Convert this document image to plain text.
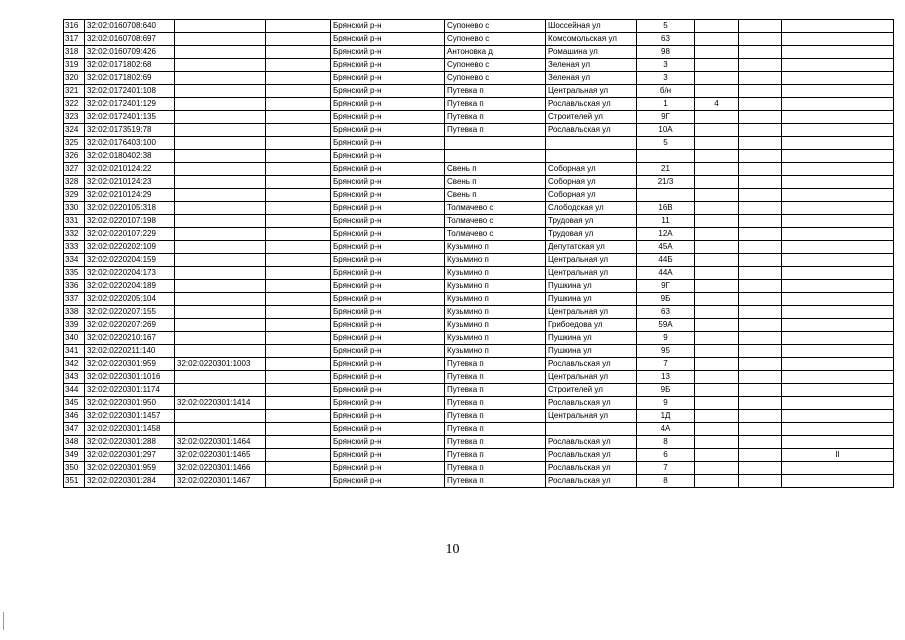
316	32:02:0160708:640			Брянский р-н	Супонево с	Шоссейная ул	5			
317	32:02:0160708:697			Брянский р-н	Супонево с	Комсомольская ул	63			
318	32:02:0160709:426			Брянский р-н	Антоновка д	Ромашина ул	98			
319	32:02:0171802:68			Брянский р-н	Супонево с	Зеленая ул	3			
320	32:02:0171802:69			Брянский р-н	Супонево с	Зеленая ул	3			
321	32:02:0172401:108			Брянский р-н	Путевка п	Центральная ул	б/н			
322	32:02:0172401:129			Брянский р-н	Путевка п	Рославльская ул	1	4		
323	32:02:0172401:135			Брянский р-н	Путевка п	Строителей ул	9Г			
324	32:02:0173519:78			Брянский р-н	Путевка п	Рославльская ул	10А			
325	32:02:0176403:100			Брянский р-н			5			
326	32:02:0180402:38			Брянский р-н						
327	32:02:0210124:22			Брянский р-н	Свень п	Соборная ул	21			
328	32:02:0210124:23			Брянский р-н	Свень п	Соборная ул	21/3			
329	32:02:0210124:29			Брянский р-н	Свень п	Соборная ул				
330	32:02:0220105:318			Брянский р-н	Толмачево с	Слободская ул	16В			
331	32:02:0220107:198			Брянский р-н	Толмачево с	Трудовая ул	11			
332	32:02:0220107:229			Брянский р-н	Толмачево с	Трудовая ул	12А			
333	32:02:0220202:109			Брянский р-н	Кузьмино п	Депутатская ул	45А			
334	32:02:0220204:159			Брянский р-н	Кузьмино п	Центральная ул	44Б			
335	32:02:0220204:173			Брянский р-н	Кузьмино п	Центральная ул	44А			
336	32:02:0220204:189			Брянский р-н	Кузьмино п	Пушкина ул	9Г			
337	32:02:0220205:104			Брянский р-н	Кузьмино п	Пушкина ул	9Б			
338	32:02:0220207:155			Брянский р-н	Кузьмино п	Центральная ул	63			
339	32:02:0220207:269			Брянский р-н	Кузьмино п	Грибоедова ул	59А			
340	32:02:0220210:167			Брянский р-н	Кузьмино п	Пушкина ул	9			
341	32:02:0220211:140			Брянский р-н	Кузьмино п	Пушкина ул	95			
342	32:02:0220301:959	32:02:0220301:1003		Брянский р-н	Путевка п	Рославльская ул	7			
343	32:02:0220301:1016			Брянский р-н	Путевка п	Центральная ул	13			
344	32:02:0220301:1174			Брянский р-н	Путевка п	Строителей ул	9Б			
345	32:02:0220301:950	32:02:0220301:1414		Брянский р-н	Путевка п	Рославльская ул	9			
346	32:02:0220301:1457			Брянский р-н	Путевка п	Центральная ул	1Д			
347	32:02:0220301:1458			Брянский р-н	Путевка п		4А			
348	32:02:0220301:288	32:02:0220301:1464		Брянский р-н	Путевка п	Рославльская ул	8			
349	32:02:0220301:297	32:02:0220301:1465		Брянский р-н	Путевка п	Рославльская ул	6			II
350	32:02:0220301:959	32:02:0220301:1466		Брянский р-н	Путевка п	Рославльская ул	7			
351	32:02:0220301:284	32:02:0220301:1467		Брянский р-н	Путевка п	Рославльская ул	8			
10
